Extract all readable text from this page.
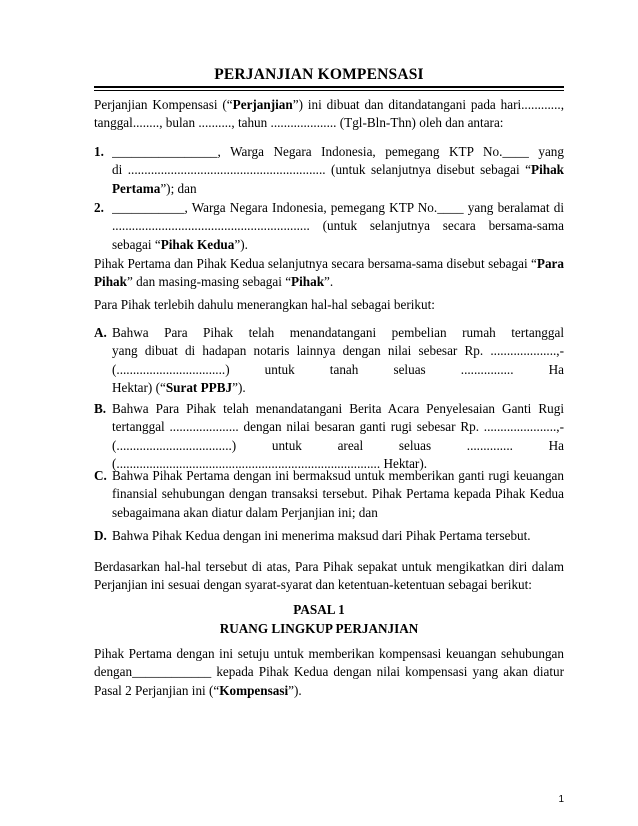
PERJANJIAN KOMPENSASI
Perjanjian Kompensasi (“Perjanjian”) ini dibuat dan ditandatangani pada hari............,
tanggal........, bulan .........., tahun .................... (Tgl-Bln-Thn) oleh dan antara:
1. ________________, Warga Negara Indonesia, pemegang KTP No.____ yang
di ............................................................ (untuk selanjutnya disebut sebagai “Pihak
Pertama”); dan
2. ___________, Warga Negara Indonesia, pemegang KTP No.____ yang beralamat di
............................................................ (untuk selanjutnya secara bersama-sama
sebagai “Pihak Kedua”).
Pihak Pertama dan Pihak Kedua selanjutnya secara bersama-sama disebut sebagai “Para
Pihak” dan masing-masing sebagai “Pihak”.
Para Pihak terlebih dahulu menerangkan hal-hal sebagai berikut:
A. Bahwa Para Pihak telah menandatangani pembelian rumah tertanggal
yang dibuat di hadapan notaris lainnya dengan nilai sebesar Rp. ....................,-
(.................................) untuk tanah seluas ................ Ha
Hektar) (“Surat PPBJ”).
B. Bahwa Para Pihak telah menandatangani Berita Acara Penyelesaian Ganti Rugi
tertanggal ..................... dengan nilai besaran ganti rugi sebesar Rp. ......................,-
(...................................) untuk areal seluas .............. Ha
(................................................................................ Hektar).
C. Bahwa Pihak Pertama dengan ini bermaksud untuk memberikan ganti rugi keuangan
finansial sehubungan dengan transaksi tersebut. Pihak Pertama kepada Pihak Kedua
sebagaimana akan diatur dalam Perjanjian ini; dan
D. Bahwa Pihak Kedua dengan ini menerima maksud dari Pihak Pertama tersebut.
Berdasarkan hal-hal tersebut di atas, Para Pihak sepakat untuk mengikatkan diri dalam
Perjanjian ini sesuai dengan syarat-syarat dan ketentuan-ketentuan sebagai berikut:
PASAL 1
RUANG LINGKUP PERJANJIAN
Pihak Pertama dengan ini setuju untuk memberikan kompensasi keuangan sehubungan
dengan____________ kepada Pihak Kedua dengan nilai kompensasi yang akan diatur
Pasal 2 Perjanjian ini (“Kompensasi”).
1
